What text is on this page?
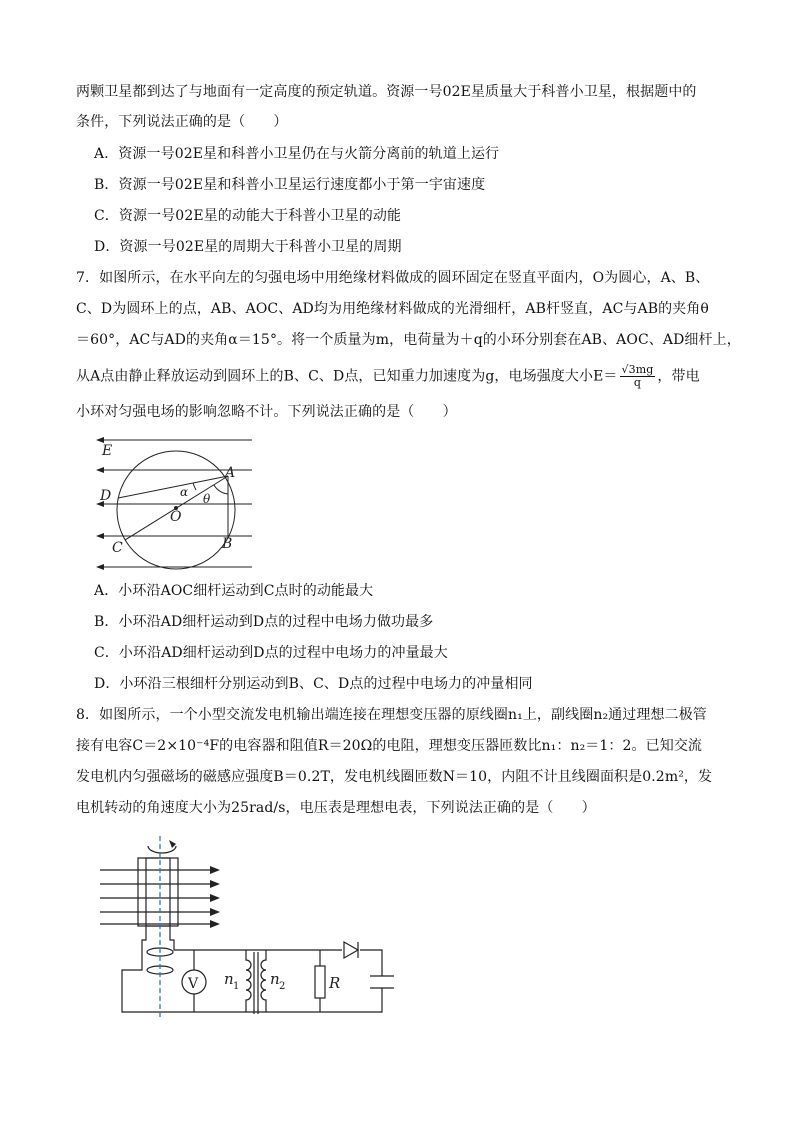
两颗卫星都到达了与地面有一定高度的预定轨道。资源一号02E星质量大于科普小卫星，根据题中的
条件，下列说法正确的是（　　）
A．资源一号02E星和科普小卫星仍在与火箭分离前的轨道上运行
B．资源一号02E星和科普小卫星运行速度都小于第一宇宙速度
C．资源一号02E星的动能大于科普小卫星的动能
D．资源一号02E星的周期大于科普小卫星的周期
7．如图所示，在水平向左的匀强电场中用绝缘材料做成的圆环固定在竖直平面内，O为圆心，A、B、
C、D为圆环上的点，AB、AOC、AD均为用绝缘材料做成的光滑细杆，AB杆竖直，AC与AB的夹角θ
＝60°，AC与AD的夹角α＝15°。将一个质量为m，电荷量为＋q的小环分别套在AB、AOC、AD细杆上，
从A点由静止释放运动到圆环上的B、C、D点，已知重力加速度为g，电场强度大小$E= \frac{√3mg}{q}$ ，带电
小环对匀强电场的影响忽略不计。下列说法正确的是（　　）
E
A
D
O
C	B
α θ
A．小环沿AOC细杆运动到C点时的动能最大
B．小环沿AD细杆运动到D点的过程中电场力做功最多
C．小环沿AD细杆运动到D点的过程中电场力的冲量最大
D．小环沿三根细杆分别运动到B、C、D点的过程中电场力的冲量相同
8．如图所示，一个小型交流发电机输出端连接在理想变压器的原线圈n₁上，副线圈n₂通过理想二极管
接有电容C＝2×10⁻⁴F的电容器和阻值R＝20Ω的电阻，理想变压器匝数比n₁：n₂＝1：2。已知交流
发电机内匀强磁场的磁感应强度B＝0.2T，发电机线圈匝数N＝10，内阻不计且线圈面积是0.2m²，发
电机转动的角速度大小为25rad/s，电压表是理想电表，下列说法正确的是（　　）
V n 1 n 2	R
